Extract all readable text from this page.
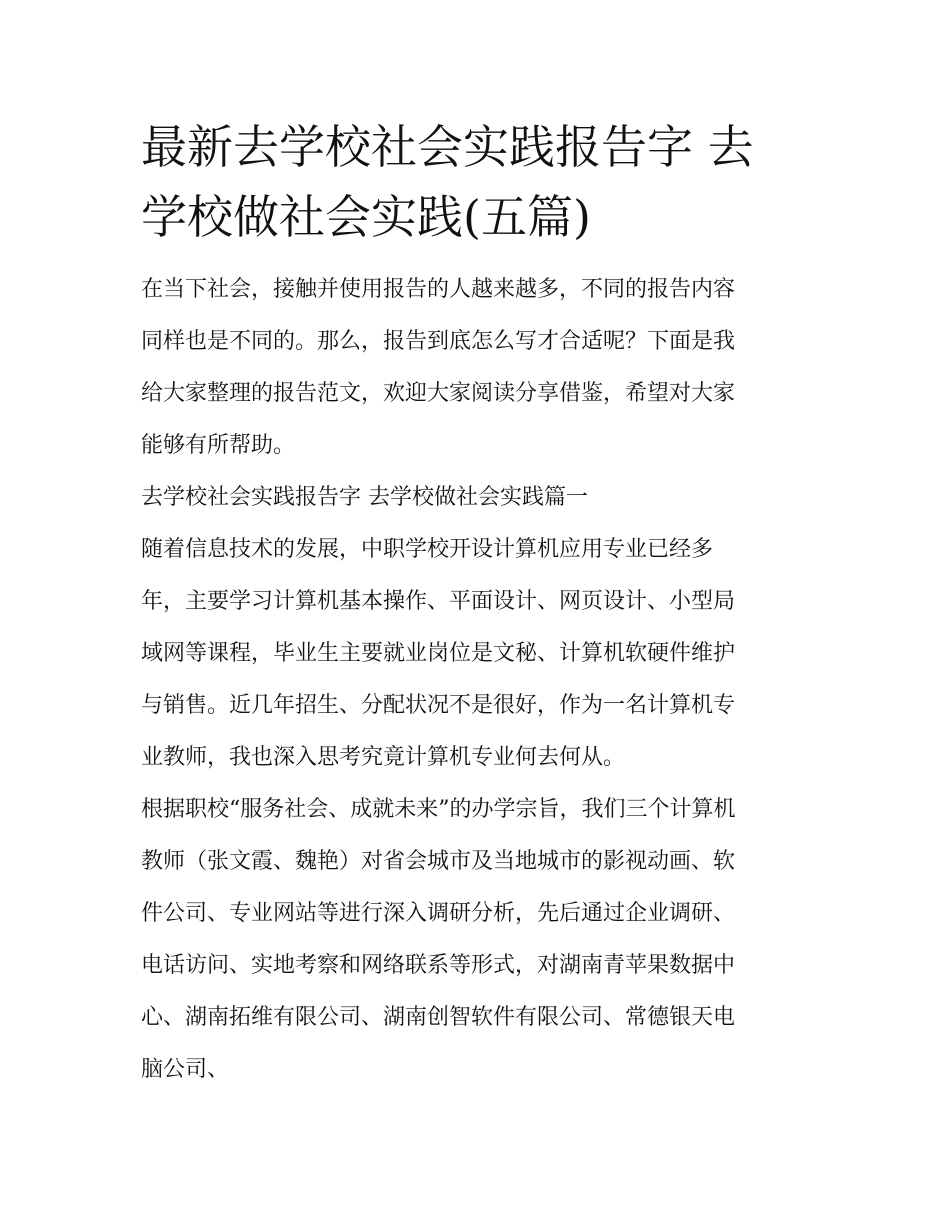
最新去学校社会实践报告字 去
学校做社会实践(五篇)

在当下社会，接触并使用报告的人越来越多，不同的报告内容
同样也是不同的。那么，报告到底怎么写才合适呢？下面是我
给大家整理的报告范文，欢迎大家阅读分享借鉴，希望对大家
能够有所帮助。

去学校社会实践报告字 去学校做社会实践篇一

随着信息技术的发展，中职学校开设计算机应用专业已经多
年，主要学习计算机基本操作、平面设计、网页设计、小型局
域网等课程，毕业生主要就业岗位是文秘、计算机软硬件维护
与销售。近几年招生、分配状况不是很好，作为一名计算机专
业教师，我也深入思考究竟计算机专业何去何从。

根据职校“服务社会、成就未来”的办学宗旨，我们三个计算机
教师（张文霞、魏艳）对省会城市及当地城市的影视动画、软
件公司、专业网站等进行深入调研分析，先后通过企业调研、
电话访问、实地考察和网络联系等形式，对湖南青苹果数据中
心、湖南拓维有限公司、湖南创智软件有限公司、常德银天电
脑公司、
